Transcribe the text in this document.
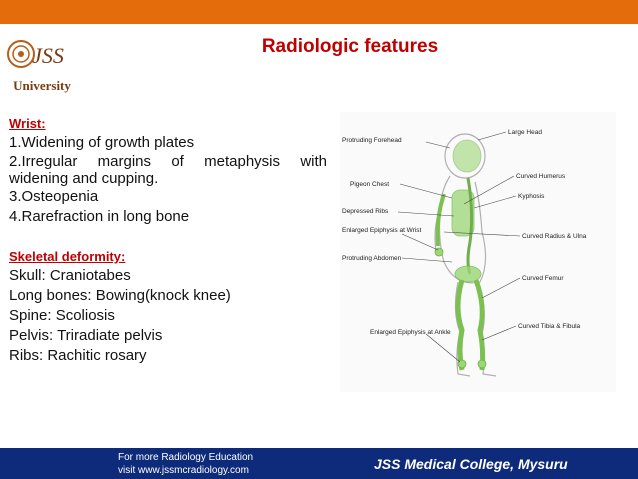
JSS
University
Radiologic features
Wrist:
1.Widening of growth plates
2.Irregular margins of metaphysis with
widening and cupping.
3.Osteopenia
4.Rarefraction in long bone
Skeletal deformity:
Skull: Craniotabes
Long bones: Bowing(knock knee)
Spine: Scoliosis
Pelvis: Triradiate pelvis
Ribs: Rachitic rosary
Protruding Forehead
Pigeon Chest
Depressed Ribs
Enlarged Epiphysis at Wrist
Protruding Abdomen
Enlarged Epiphysis at Ankle
Large Head
Curved Humerus
Kyphosis
Curved Radius & Ulna
Curved Femur
Curved Tibia & Fibula
For more Radiology Education
visit www.jssmcradiology.com	JSS Medical College, Mysuru
